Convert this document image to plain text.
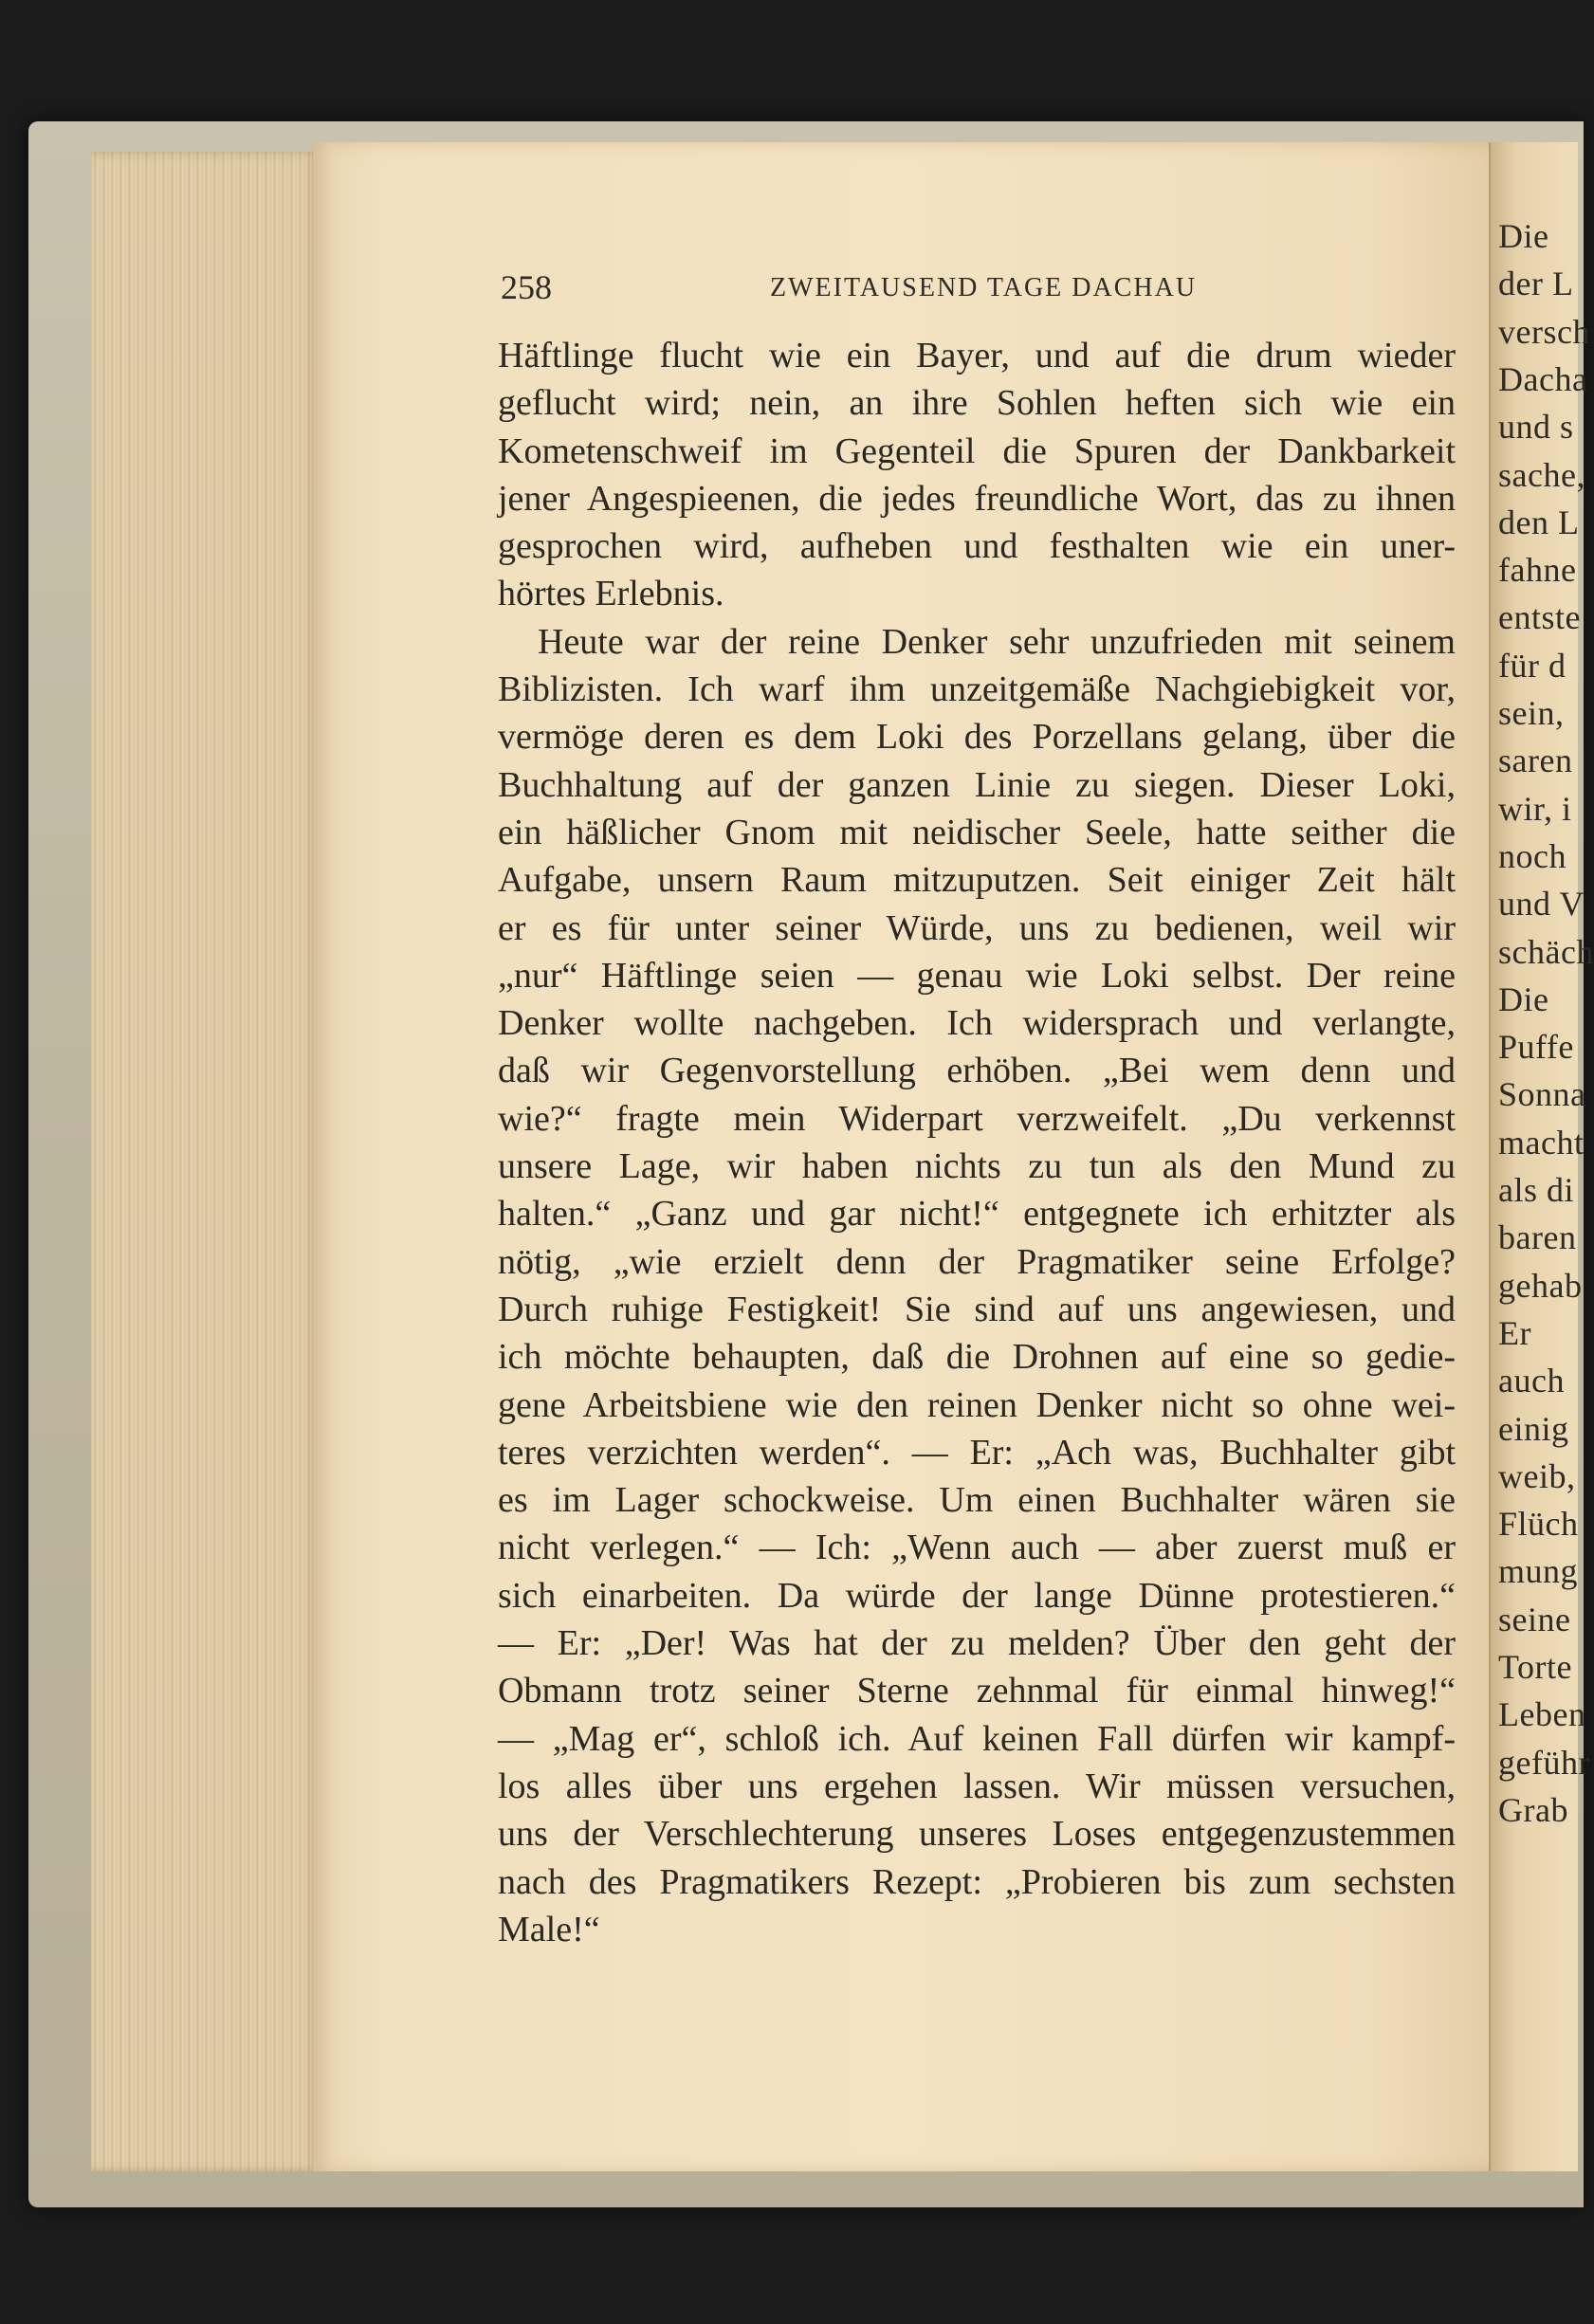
Die
der L
versch
Dacha
und s
sache,
den L
fahne
entste
für d
sein,
saren
wir, i
noch
und V
schäch
Die
Puffe
Sonna
macht
als di
baren
gehab
Er
auch
einig
weib,
Flüch
mung
seine
Torte
Leben
geführ
Grab
258	ZWEITAUSEND TAGE DACHAU
Häftlinge flucht wie ein Bayer, und auf die drum wieder
geflucht wird; nein, an ihre Sohlen heften sich wie ein
Kometenschweif im Gegenteil die Spuren der Dankbarkeit
jener Angespieenen, die jedes freundliche Wort, das zu ihnen
gesprochen wird, aufheben und festhalten wie ein uner-
hörtes Erlebnis.
Heute war der reine Denker sehr unzufrieden mit seinem
Biblizisten. Ich warf ihm unzeitgemäße Nachgiebigkeit vor,
vermöge deren es dem Loki des Porzellans gelang, über die
Buchhaltung auf der ganzen Linie zu siegen. Dieser Loki,
ein häßlicher Gnom mit neidischer Seele, hatte seither die
Aufgabe, unsern Raum mitzuputzen. Seit einiger Zeit hält
er es für unter seiner Würde, uns zu bedienen, weil wir
„nur“ Häftlinge seien — genau wie Loki selbst. Der reine
Denker wollte nachgeben. Ich widersprach und verlangte,
daß wir Gegenvorstellung erhöben. „Bei wem denn und
wie?“ fragte mein Widerpart verzweifelt. „Du verkennst
unsere Lage, wir haben nichts zu tun als den Mund zu
halten.“ „Ganz und gar nicht!“ entgegnete ich erhitzter als
nötig, „wie erzielt denn der Pragmatiker seine Erfolge?
Durch ruhige Festigkeit! Sie sind auf uns angewiesen, und
ich möchte behaupten, daß die Drohnen auf eine so gedie-
gene Arbeitsbiene wie den reinen Denker nicht so ohne wei-
teres verzichten werden“. — Er: „Ach was, Buchhalter gibt
es im Lager schockweise. Um einen Buchhalter wären sie
nicht verlegen.“ — Ich: „Wenn auch — aber zuerst muß er
sich einarbeiten. Da würde der lange Dünne protestieren.“
— Er: „Der! Was hat der zu melden? Über den geht der
Obmann trotz seiner Sterne zehnmal für einmal hinweg!“
— „Mag er“, schloß ich. Auf keinen Fall dürfen wir kampf-
los alles über uns ergehen lassen. Wir müssen versuchen,
uns der Verschlechterung unseres Loses entgegenzustemmen
nach des Pragmatikers Rezept: „Probieren bis zum sechsten
Male!“
